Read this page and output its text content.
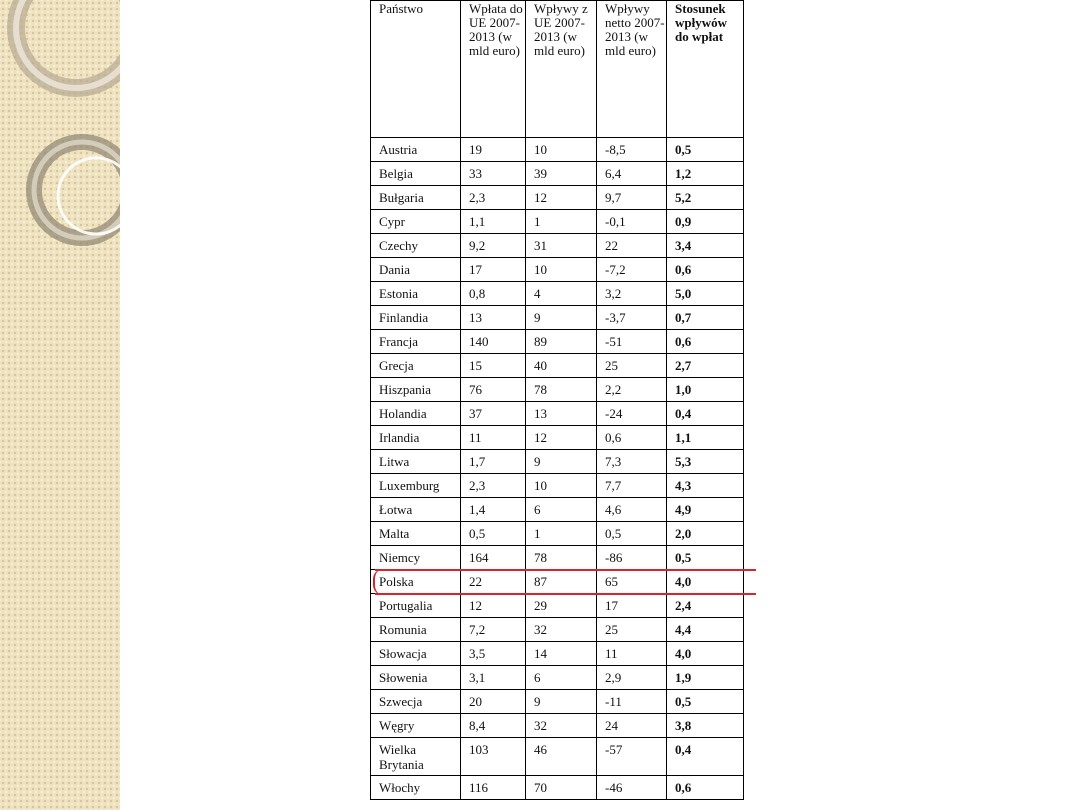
Państwo	Wpłata do UE 2007-2013 (w mld euro)	Wpływy z UE 2007-2013 (w mld euro)	Wpływy netto 2007-2013 (w mld euro)	Stosunek wpływów do wpłat
Austria	19	10	-8,5	0,5
Belgia	33	39	6,4	1,2
Bułgaria	2,3	12	9,7	5,2
Cypr	1,1	1	-0,1	0,9
Czechy	9,2	31	22	3,4
Dania	17	10	-7,2	0,6
Estonia	0,8	4	3,2	5,0
Finlandia	13	9	-3,7	0,7
Francja	140	89	-51	0,6
Grecja	15	40	25	2,7
Hiszpania	76	78	2,2	1,0
Holandia	37	13	-24	0,4
Irlandia	11	12	0,6	1,1
Litwa	1,7	9	7,3	5,3
Luxemburg	2,3	10	7,7	4,3
Łotwa	1,4	6	4,6	4,9
Malta	0,5	1	0,5	2,0
Niemcy	164	78	-86	0,5
Polska	22	87	65	4,0
Portugalia	12	29	17	2,4
Romunia	7,2	32	25	4,4
Słowacja	3,5	14	11	4,0
Słowenia	3,1	6	2,9	1,9
Szwecja	20	9	-11	0,5
Węgry	8,4	32	24	3,8
Wielka Brytania	103	46	-57	0,4
Włochy	116	70	-46	0,6
